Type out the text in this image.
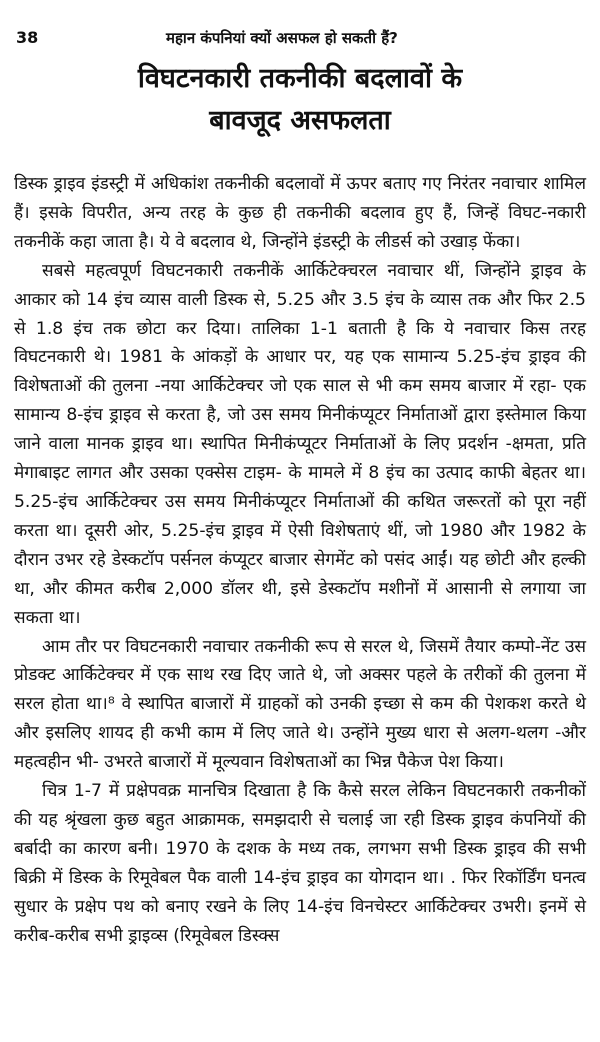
38	महान कंपनियां क्यों असफल हो सकती हैं?
विघटनकारी तकनीकी बदलावों के
बावजूद असफलता

डिस्क ड्राइव इंडस्ट्री में अधिकांश तकनीकी बदलावों में ऊपर बताए गए निरंतर नवाचार शामिल हैं। इसके विपरीत, अन्य तरह के कुछ ही तकनीकी बदलाव हुए हैं, जिन्हें विघट-नकारी तकनीकें कहा जाता है। ये वे बदलाव थे, जिन्होंने इंडस्ट्री के लीडर्स को उखाड़ फेंका।

सबसे महत्वपूर्ण विघटनकारी तकनीकें आर्किटेक्चरल नवाचार थीं, जिन्होंने ड्राइव के आकार को 14 इंच व्यास वाली डिस्क से, 5.25 और 3.5 इंच के व्यास तक और फिर 2.5 से 1.8 इंच तक छोटा कर दिया। तालिका 1-1 बताती है कि ये नवाचार किस तरह विघटनकारी थे। 1981 के आंकड़ों के आधार पर, यह एक सामान्य 5.25-इंच ड्राइव की विशेषताओं की तुलना -नया आर्किटेक्चर जो एक साल से भी कम समय बाजार में रहा- एक सामान्य 8-इंच ड्राइव से करता है, जो उस समय मिनीकंप्यूटर निर्माताओं द्वारा इस्तेमाल किया जाने वाला मानक ड्राइव था। स्थापित मिनीकंप्यूटर निर्माताओं के लिए प्रदर्शन -क्षमता, प्रति मेगाबाइट लागत और उसका एक्सेस टाइम- के मामले में 8 इंच का उत्पाद काफी बेहतर था। 5.25-इंच आर्किटेक्चर उस समय मिनीकंप्यूटर निर्माताओं की कथित जरूरतों को पूरा नहीं करता था। दूसरी ओर, 5.25-इंच ड्राइव में ऐसी विशेषताएं थीं, जो 1980 और 1982 के दौरान उभर रहे डेस्कटॉप पर्सनल कंप्यूटर बाजार सेगमेंट को पसंद आईं। यह छोटी और हल्की था, और कीमत करीब 2,000 डॉलर थी, इसे डेस्कटॉप मशीनों में आसानी से लगाया जा सकता था।

आम तौर पर विघटनकारी नवाचार तकनीकी रूप से सरल थे, जिसमें तैयार कम्पो-नेंट उस प्रोडक्ट आर्किटेक्चर में एक साथ रख दिए जाते थे, जो अक्सर पहले के तरीकों की तुलना में सरल होता था।⁸ वे स्थापित बाजारों में ग्राहकों को उनकी इच्छा से कम की पेशकश करते थे और इसलिए शायद ही कभी काम में लिए जाते थे। उन्होंने मुख्य धारा से अलग-थलग -और महत्वहीन भी- उभरते बाजारों में मूल्यवान विशेषताओं का भिन्न पैकेज पेश किया।

चित्र 1-7 में प्रक्षेपवक्र मानचित्र दिखाता है कि कैसे सरल लेकिन विघटनकारी तकनीकों की यह श्रृंखला कुछ बहुत आक्रामक, समझदारी से चलाई जा रही डिस्क ड्राइव कंपनियों की बर्बादी का कारण बनी। 1970 के दशक के मध्य तक, लगभग सभी डिस्क ड्राइव की सभी बिक्री में डिस्क के रिमूवेबल पैक वाली 14-इंच ड्राइव का योगदान था। . फिर रिकॉर्डिंग घनत्व सुधार के प्रक्षेप पथ को बनाए रखने के लिए 14-इंच विनचेस्टर आर्किटेक्चर उभरी। इनमें से करीब-करीब सभी ड्राइव्स (रिमूवेबल डिस्क्स
